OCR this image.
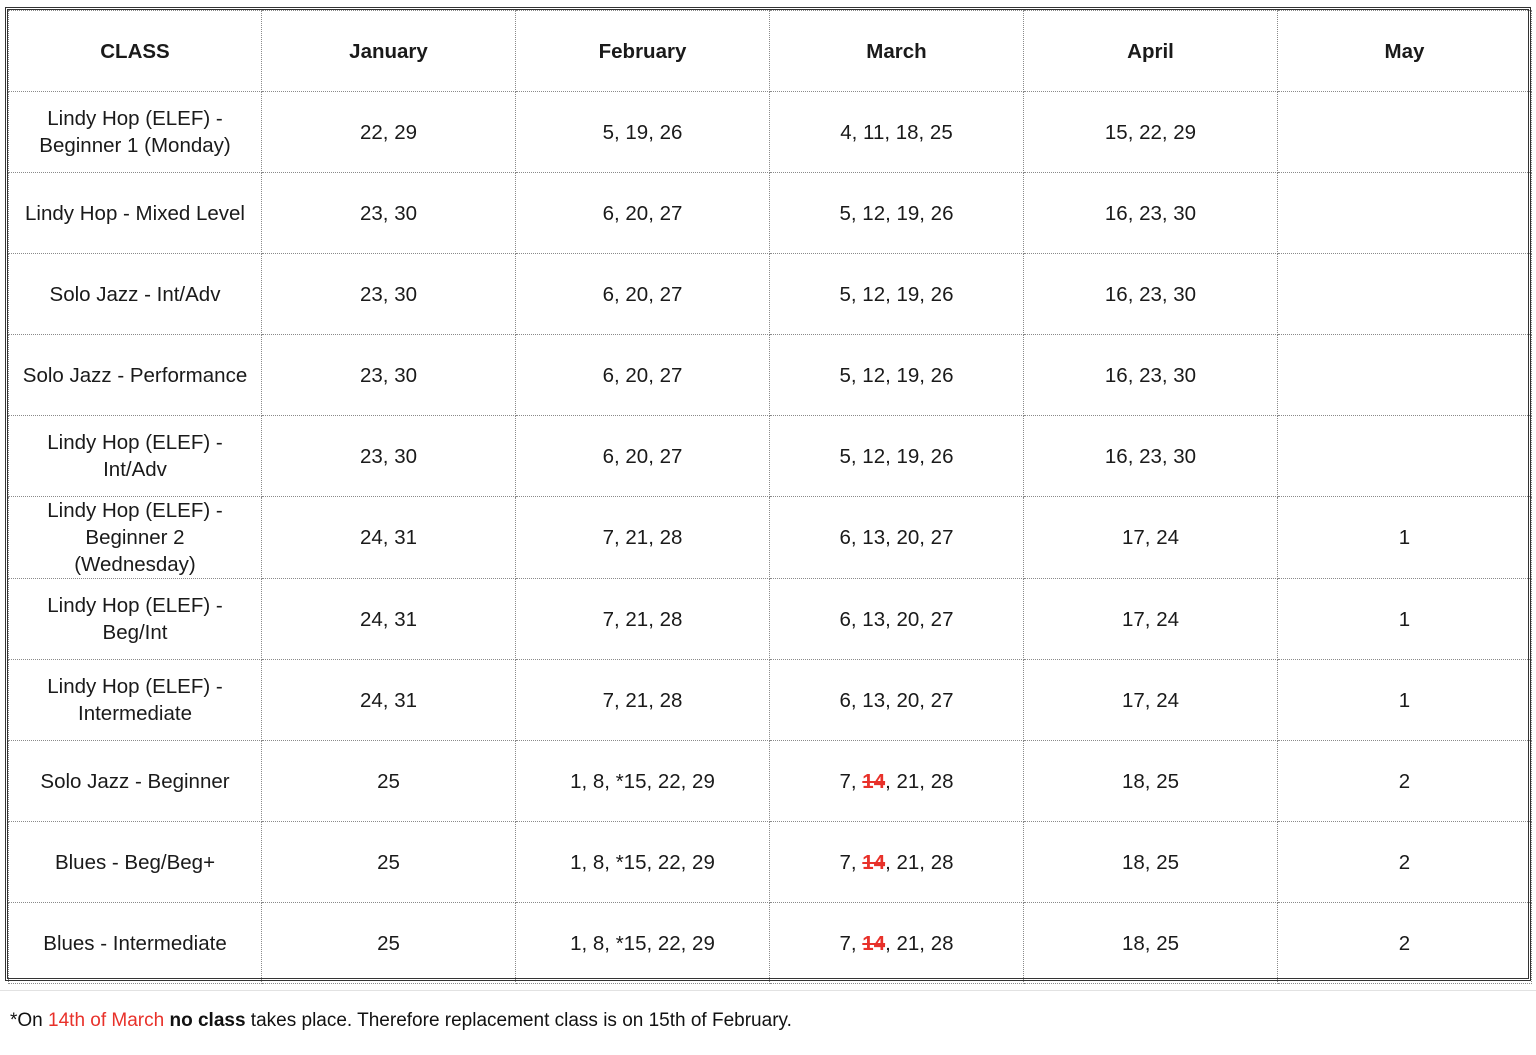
CLASS	January	February	March	April	May
Lindy Hop (ELEF) - Beginner 1 (Monday)	22, 29	5, 19, 26	4, 11, 18, 25	15, 22, 29	
Lindy Hop - Mixed Level	23, 30	6, 20, 27	5, 12, 19, 26	16, 23, 30	
Solo Jazz - Int/Adv	23, 30	6, 20, 27	5, 12, 19, 26	16, 23, 30	
Solo Jazz - Performance	23, 30	6, 20, 27	5, 12, 19, 26	16, 23, 30	
Lindy Hop (ELEF) - Int/Adv	23, 30	6, 20, 27	5, 12, 19, 26	16, 23, 30	
Lindy Hop (ELEF) - Beginner 2 (Wednesday)	24, 31	7, 21, 28	6, 13, 20, 27	17, 24	1
Lindy Hop (ELEF) - Beg/Int	24, 31	7, 21, 28	6, 13, 20, 27	17, 24	1
Lindy Hop (ELEF) - Intermediate	24, 31	7, 21, 28	6, 13, 20, 27	17, 24	1
Solo Jazz - Beginner	25	1, 8, *15, 22, 29	7, 14, 21, 28	18, 25	2
Blues - Beg/Beg+	25	1, 8, *15, 22, 29	7, 14, 21, 28	18, 25	2
Blues - Intermediate	25	1, 8, *15, 22, 29	7, 14, 21, 28	18, 25	2
*On 14th of March no class takes place. Therefore replacement class is on 15th of February.
